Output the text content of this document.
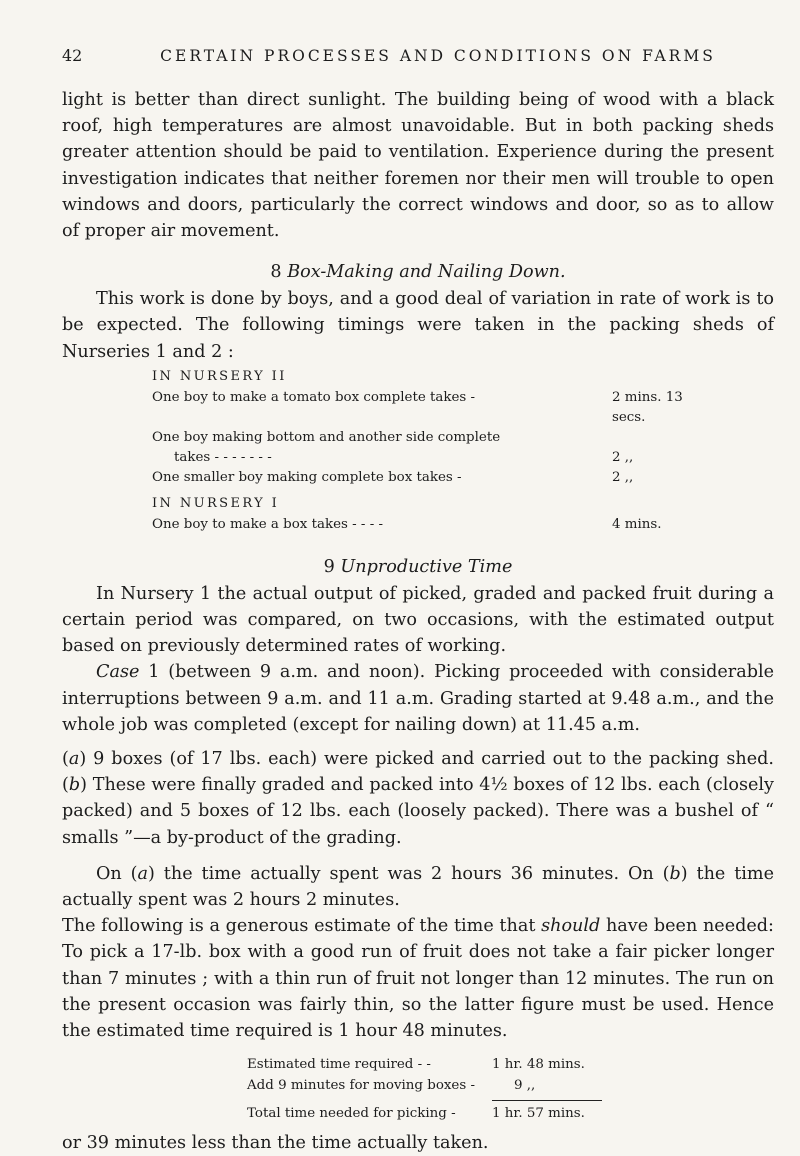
42	CERTAIN PROCESSES AND CONDITIONS ON FARMS

light is better than direct sunlight. The building being of wood with a black roof, high temperatures are almost unavoidable. But in both packing sheds greater attention should be paid to ventilation. Experience during the present investigation indicates that neither foremen nor their men will trouble to open windows and doors, particularly the correct windows and door, so as to allow of proper air movement.

8 Box-Making and Nailing Down.

This work is done by boys, and a good deal of variation in rate of work is to be expected. The following timings were taken in the packing sheds of Nurseries 1 and 2 :

IN NURSERY II
One boy to make a tomato box complete takes -	2 mins. 13 secs.
One boy making bottom and another side complete
takes - - - - - - -	2 ,,
One smaller boy making complete box takes -	2 ,,
IN NURSERY I
One boy to make a box takes - - - -	4 mins.
9 Unproductive Time

In Nursery 1 the actual output of picked, graded and packed fruit during a certain period was compared, on two occasions, with the estimated output based on previously determined rates of working.

Case 1 (between 9 a.m. and noon). Picking proceeded with considerable interruptions between 9 a.m. and 11 a.m. Grading started at 9.48 a.m., and the whole job was completed (except for nailing down) at 11.45 a.m.

(a) 9 boxes (of 17 lbs. each) were picked and carried out to the packing shed. (b) These were finally graded and packed into 4½ boxes of 12 lbs. each (closely packed) and 5 boxes of 12 lbs. each (loosely packed). There was a bushel of “ smalls ”—a by-product of the grading.

On (a) the time actually spent was 2 hours 36 minutes. On (b) the time actually spent was 2 hours 2 minutes.

The following is a generous estimate of the time that should have been needed: To pick a 17-lb. box with a good run of fruit does not take a fair picker longer than 7 minutes ; with a thin run of fruit not longer than 12 minutes. The run on the present occasion was fairly thin, so the latter figure must be used. Hence the estimated time required is 1 hour 48 minutes.

Estimated time required - -	1 hr. 48 mins.
Add 9 minutes for moving boxes -	9 ,,
Total time needed for picking -	1 hr. 57 mins.

or 39 minutes less than the time actually taken.
